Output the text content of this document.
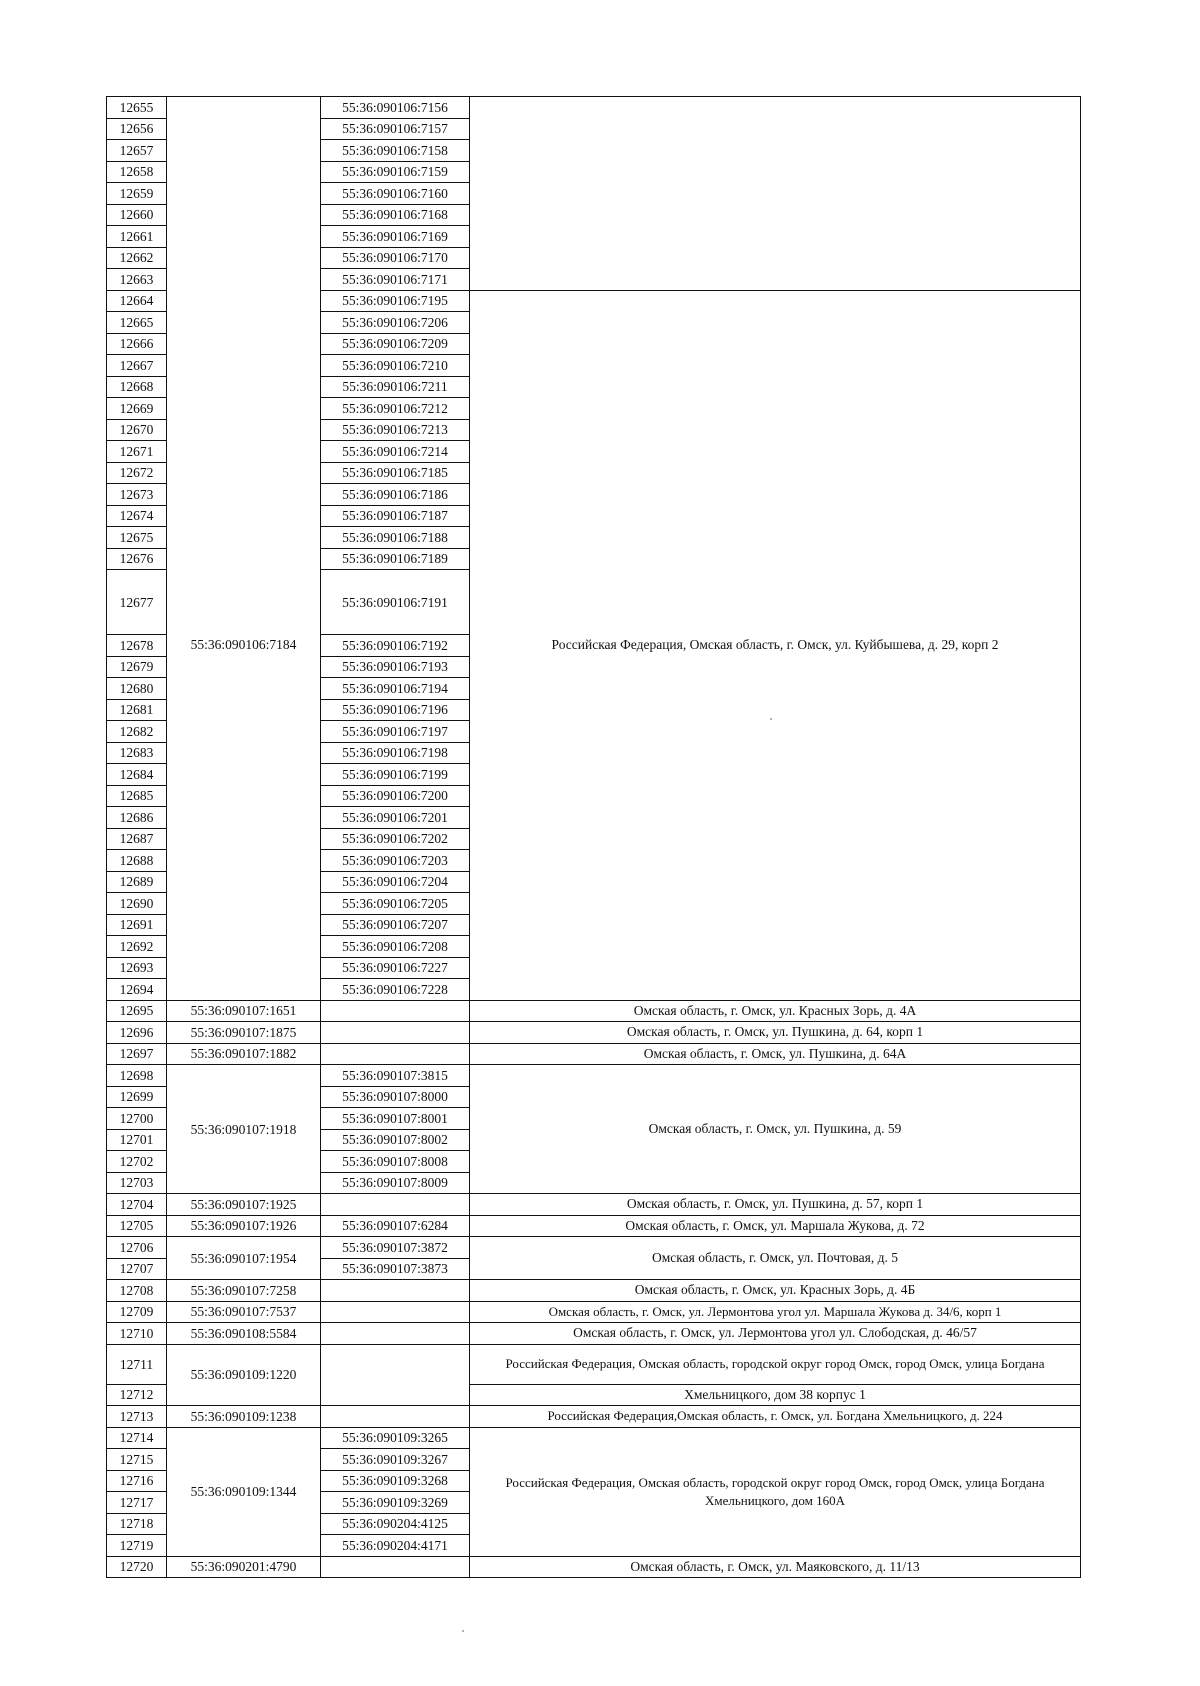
12655		55:36:090106:7156	
12656		55:36:090106:7157	
12657		55:36:090106:7158	
12658		55:36:090106:7159	
12659		55:36:090106:7160	
12660		55:36:090106:7168	
12661		55:36:090106:7169	
12662		55:36:090106:7170	
12663		55:36:090106:7171	
12664	55:36:090106:7184	55:36:090106:7195	Российская Федерация, Омская область, г. Омск, ул. Куйбышева, д. 29, корп 2
12665		55:36:090106:7206	
12666		55:36:090106:7209	
12667		55:36:090106:7210	
12668		55:36:090106:7211	
12669		55:36:090106:7212	
12670		55:36:090106:7213	
12671		55:36:090106:7214	
12672		55:36:090106:7185	
12673		55:36:090106:7186	
12674		55:36:090106:7187	
12675		55:36:090106:7188	
12676		55:36:090106:7189	
12677		55:36:090106:7191	
12678		55:36:090106:7192	
12679		55:36:090106:7193	
12680		55:36:090106:7194	
12681		55:36:090106:7196	
12682		55:36:090106:7197	
12683		55:36:090106:7198	
12684		55:36:090106:7199	
12685		55:36:090106:7200	
12686		55:36:090106:7201	
12687		55:36:090106:7202	
12688		55:36:090106:7203	
12689		55:36:090106:7204	
12690		55:36:090106:7205	
12691		55:36:090106:7207	
12692		55:36:090106:7208	
12693		55:36:090106:7227	
12694		55:36:090106:7228	
12695	55:36:090107:1651		Омская область, г. Омск, ул. Красных Зорь, д. 4А
12696	55:36:090107:1875		Омская область, г. Омск, ул. Пушкина, д. 64, корп 1
12697	55:36:090107:1882		Омская область, г. Омск, ул. Пушкина, д. 64А
12698	55:36:090107:1918	55:36:090107:3815	Омская область, г. Омск, ул. Пушкина, д. 59
12699		55:36:090107:8000	
12700		55:36:090107:8001	
12701		55:36:090107:8002	
12702		55:36:090107:8008	
12703		55:36:090107:8009	
12704	55:36:090107:1925		Омская область, г. Омск, ул. Пушкина, д. 57, корп 1
12705	55:36:090107:1926	55:36:090107:6284	Омская область, г. Омск, ул. Маршала Жукова, д. 72
12706	55:36:090107:1954	55:36:090107:3872	Омская область, г. Омск, ул. Почтовая, д. 5
12707		55:36:090107:3873	
12708	55:36:090107:7258		Омская область, г. Омск, ул. Красных Зорь, д. 4Б
12709	55:36:090107:7537		Омская область, г. Омск, ул. Лермонтова угол ул. Маршала Жукова д. 34/6, корп 1
12710	55:36:090108:5584		Омская область, г. Омск, ул. Лермонтова угол ул. Слободская, д. 46/57
12711	55:36:090109:1220		Российская Федерация, Омская область, городской округ город Омск, город Омск, улица Богдана
12712			Хмельницкого, дом 38 корпус 1
12713	55:36:090109:1238		Российская Федерация,Омская область, г. Омск, ул. Богдана Хмельницкого, д. 224
12714	55:36:090109:1344	55:36:090109:3265	Российская Федерация, Омская область, городской округ город Омск, город Омск, улица Богдана Хмельницкого, дом 160А
12715		55:36:090109:3267	
12716		55:36:090109:3268	
12717		55:36:090109:3269	
12718		55:36:090204:4125	
12719		55:36:090204:4171	
12720	55:36:090201:4790		Омская область, г. Омск, ул. Маяковского, д. 11/13
